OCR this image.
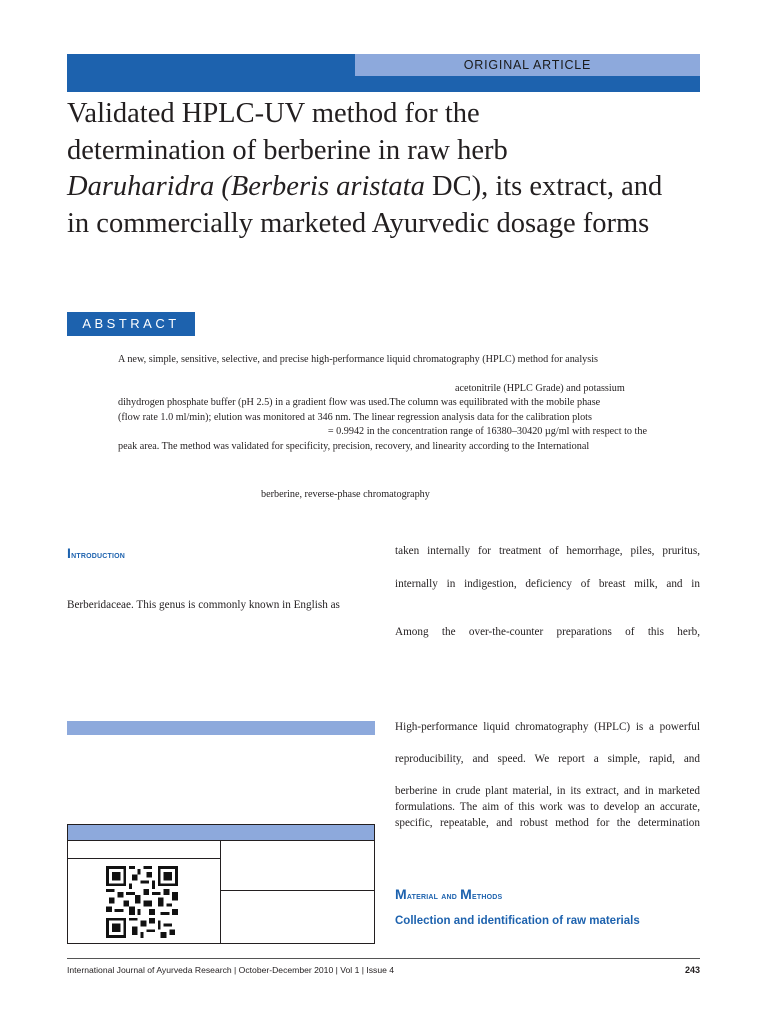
ORIGINAL ARTICLE
Validated HPLC-UV method for the
determination of berberine in raw herb
Daruharidra (Berberis aristata DC), its extract, and
in commercially marketed Ayurvedic dosage forms
ABSTRACT
A new, simple, sensitive, selective, and precise high-performance liquid chromatography (HPLC) method for analysis
acetonitrile (HPLC Grade) and potassium
dihydrogen phosphate buffer (pH 2.5) in a gradient flow was used.The column was equilibrated with the mobile phase
(flow rate 1.0 ml/min); elution was monitored at 346 nm. The linear regression analysis data for the calibration plots
= 0.9942 in the concentration range of 16380–30420 µg/ml with respect to the
peak area. The method was validated for specificity, precision, recovery, and linearity according to the International
berberine, reverse-phase chromatography
Introduction
Berberidaceae. This genus is commonly known in English as
taken internally for treatment of hemorrhage, piles, pruritus,
internally in indigestion, deficiency of breast milk, and in
Among the over-the-counter preparations of this herb,
High-performance liquid chromatography (HPLC) is a powerful
reproducibility, and speed. We report a simple, rapid, and
berberine in crude plant material, in its extract, and in marketed
formulations. The aim of this work was to develop an accurate,
specific, repeatable, and robust method for the determination
Material and Methods
Collection and identification of raw materials
International Journal of Ayurveda Research | October-December 2010 | Vol 1 | Issue 4	243
